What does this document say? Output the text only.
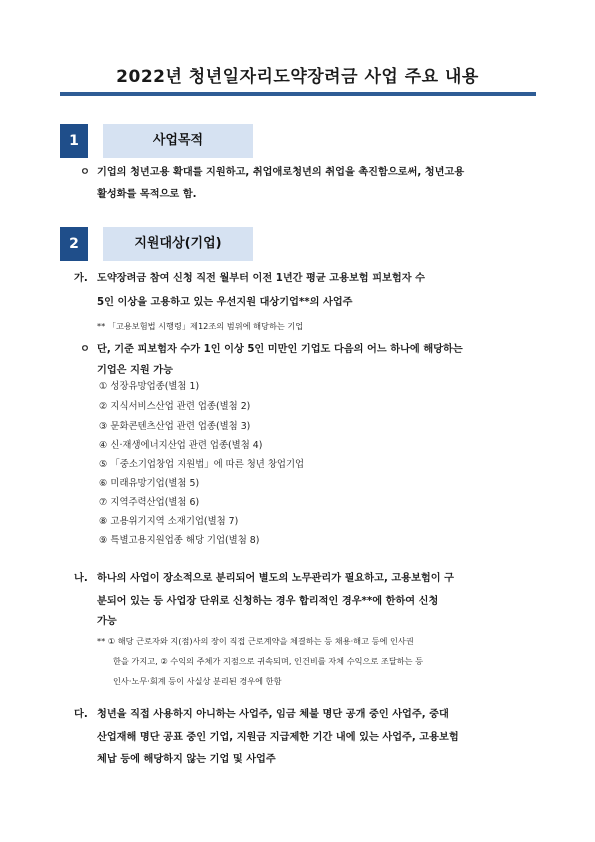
2022년 청년일자리도약장려금 사업 주요 내용
1	사업목적
ㅇ 기업의 청년고용 확대를 지원하고, 취업애로청년의 취업을 촉진함으로써, 청년고용
활성화를 목적으로 함.
2	지원대상(기업)
가. 도약장려금 참여 신청 직전 월부터 이전 1년간 평균 고용보험 피보험자 수
5인 이상을 고용하고 있는 우선지원 대상기업**의 사업주
** 「고용보험법 시행령」제12조의 범위에 해당하는 기업
ㅇ 단, 기준 피보험자 수가 1인 이상 5인 미만인 기업도 다음의 어느 하나에 해당하는
기업은 지원 가능
① 성장유망업종(별첨 1)
② 지식서비스산업 관련 업종(별첨 2)
③ 문화콘텐츠산업 관련 업종(별첨 3)
④ 신·재생에너지산업 관련 업종(별첨 4)
⑤ 「중소기업창업 지원법」에 따른 청년 창업기업
⑥ 미래유망기업(별첨 5)
⑦ 지역주력산업(별첨 6)
⑧ 고용위기지역 소재기업(별첨 7)
⑨ 특별고용지원업종 해당 기업(별첨 8)
나. 하나의 사업이 장소적으로 분리되어 별도의 노무관리가 필요하고, 고용보험이 구
분되어 있는 등 사업장 단위로 신청하는 경우 합리적인 경우**에 한하여 신청
가능
** ① 해당 근로자와 지(점)사의 장이 직접 근로계약을 체결하는 등 채용·해고 등에 인사권
한을 가지고, ② 수익의 주체가 지점으로 귀속되며, 인건비를 자체 수익으로 조달하는 등
인사·노무·회계 등이 사실상 분리된 경우에 한함
다. 청년을 직접 사용하지 아니하는 사업주, 임금 체불 명단 공개 중인 사업주, 중대
산업재해 명단 공표 중인 기업, 지원금 지급제한 기간 내에 있는 사업주, 고용보험
체납 등에 해당하지 않는 기업 및 사업주
